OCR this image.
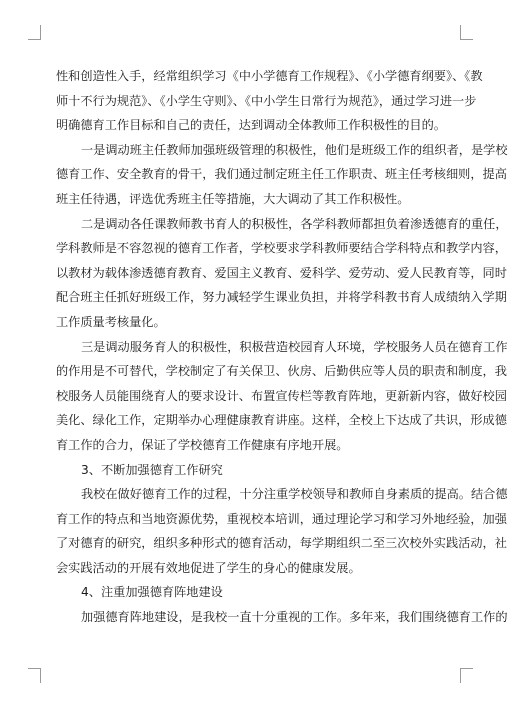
性和创造性入手，经常组织学习《中小学德育工作规程》、《小学德育纲要》、《教
师十不行为规范》、《小学生守则》、《中小学生日常行为规范》，通过学习进一步
明确德育工作目标和自己的责任，达到调动全体教师工作积极性的目的。
一是调动班主任教师加强班级管理的积极性，他们是班级工作的组织者，是学校
德育工作、安全教育的骨干，我们通过制定班主任工作职责、班主任考核细则，提高
班主任待遇，评选优秀班主任等措施，大大调动了其工作积极性。
二是调动各任课教师教书育人的积极性，各学科教师都担负着渗透德育的重任，
学科教师是不容忽视的德育工作者，学校要求学科教师要结合学科特点和教学内容，
以教材为载体渗透德育教育、爱国主义教育、爱科学、爱劳动、爱人民教育等，同时
配合班主任抓好班级工作，努力减轻学生课业负担，并将学科教书育人成绩纳入学期
工作质量考核量化。
三是调动服务育人的积极性，积极营造校园育人环境，学校服务人员在德育工作
的作用是不可替代，学校制定了有关保卫、伙房、后勤供应等人员的职责和制度，我
校服务人员能围绕育人的要求设计、布置宣传栏等教育阵地，更新新内容，做好校园
美化、绿化工作，定期举办心理健康教育讲座。这样，全校上下达成了共识，形成德
育工作的合力，保证了学校德育工作健康有序地开展。
3、不断加强德育工作研究
我校在做好德育工作的过程，十分注重学校领导和教师自身素质的提高。结合德
育工作的特点和当地资源优势，重视校本培训，通过理论学习和学习外地经验，加强
了对德育的研究，组织多种形式的德育活动，每学期组织二至三次校外实践活动，社
会实践活动的开展有效地促进了学生的身心的健康发展。
4、注重加强德育阵地建设
加强德育阵地建设，是我校一直十分重视的工作。多年来，我们围绕德育工作的
